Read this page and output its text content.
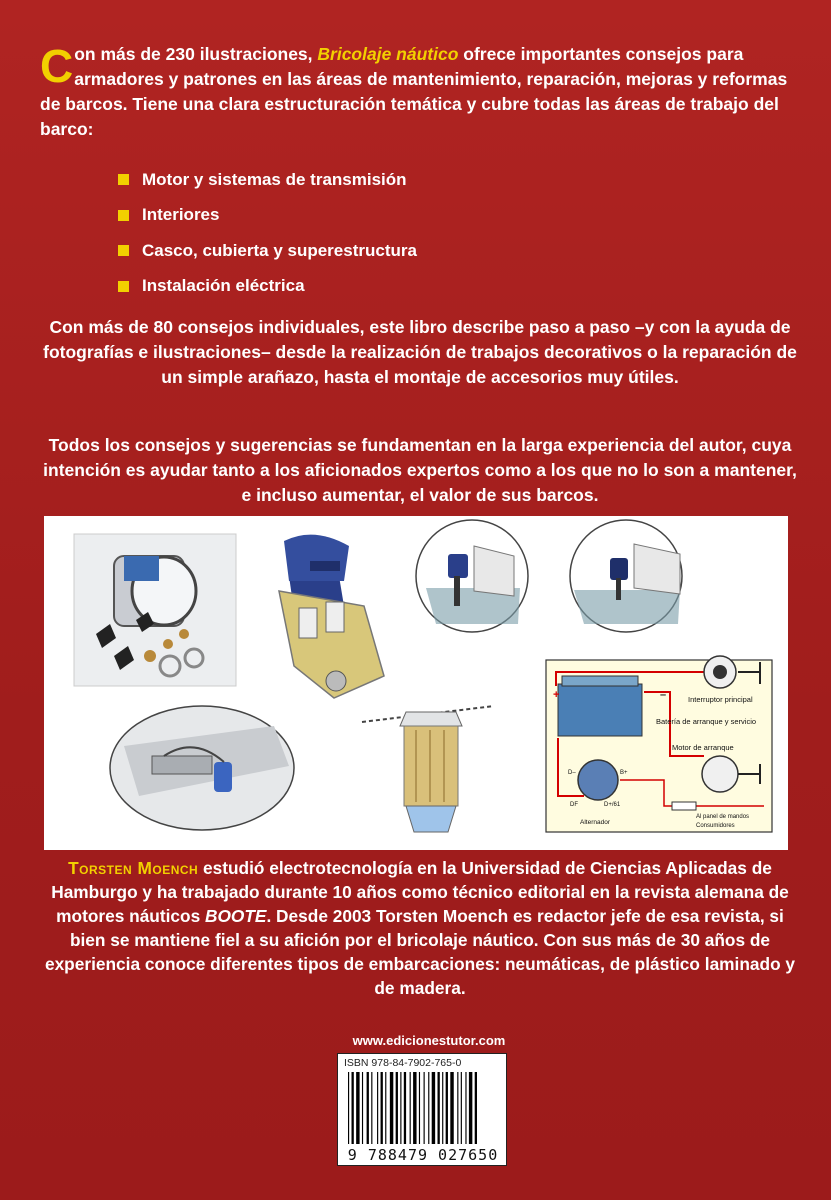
Con más de 230 ilustraciones, Bricolaje náutico ofrece importantes consejos para armadores y patrones en las áreas de mantenimiento, reparación, mejoras y reformas de barcos. Tiene una clara estructuración temática y cubre todas las áreas de trabajo del barco:

Motor y sistemas de transmisión
Interiores
Casco, cubierta y superestructura
Instalación eléctrica

Con más de 80 consejos individuales, este libro describe paso a paso –y con la ayuda de fotografías e ilustraciones– desde la realización de trabajos decorativos o la reparación de un simple arañazo, hasta el montaje de accesorios muy útiles.

Todos los consejos y sugerencias se fundamentan en la larga experiencia del autor, cuya intención es ayudar tanto a los aficionados expertos como a los que no lo son a mantener, e incluso aumentar, el valor de sus barcos.

+	–	Interruptor principal
Batería de arranque y servicio
Motor de arranque
D–	B+
DF	D+/61
Alternador
Al panel de mandos
Consumidores

Torsten Moench estudió electrotecnología en la Universidad de Ciencias Aplicadas de Hamburgo y ha trabajado durante 10 años como técnico editorial en la revista alemana de motores náuticos BOOTE. Desde 2003 Torsten Moench es redactor jefe de esa revista, si bien se mantiene fiel a su afición por el bricolaje náutico. Con sus más de 30 años de experiencia conoce diferentes tipos de embarcaciones: neumáticas, de plástico laminado y de madera.

www.edicionestutor.com
ISBN 978-84-7902-765-0
9 788479 027650
